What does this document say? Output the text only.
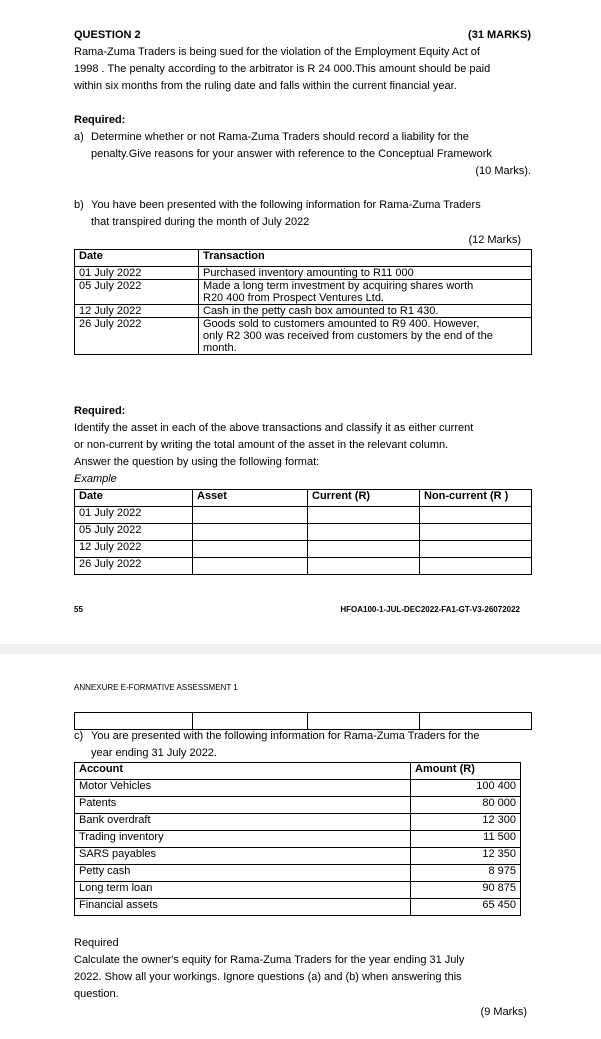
QUESTION 2	(31 MARKS)
Rama-Zuma Traders is being sued for the violation of the Employment Equity Act of
1998 . The penalty according to the arbitrator is R 24 000.This amount should be paid
within six months from the ruling date and falls within the current financial year.
Required:
a) Determine whether or not Rama-Zuma Traders should record a liability for the
penalty.Give reasons for your answer with reference to the Conceptual Framework
(10 Marks).
b) You have been presented with the following information for Rama-Zuma Traders
that transpired during the month of July 2022
(12 Marks)
Date	Transaction
01 July 2022	Purchased inventory amounting to R11 000

05 July 2022	Made a long term investment by acquiring shares worth
R20 400 from Prospect Ventures Ltd.

12 July 2022	Cash in the petty cash box amounted to R1 430.

26 July 2022	Goods sold to customers amounted to R9 400. However,
only R2 300 was received from customers by the end of the
month.
Required:
Identify the asset in each of the above transactions and classify it as either current
or non-current by writing the total amount of the asset in the relevant column.
Answer the question by using the following format:
Example
Date	Asset	Current (R)	Non-current (R )
01 July 2022			
05 July 2022			
12 July 2022			
26 July 2022			
55	HFOA100-1-JUL-DEC2022-FA1-GT-V3-26072022
ANNEXURE E-FORMATIVE ASSESSMENT 1

c) You are presented with the following information for Rama-Zuma Traders for the
year ending 31 July 2022.
Account	Amount (R)
Motor Vehicles	100 400
Patents	80 000
Bank overdraft	12 300
Trading inventory	11 500
SARS payables	12 350
Petty cash	8 975
Long term loan	90 875
Financial assets	65 450
Required
Calculate the owner's equity for Rama-Zuma Traders for the year ending 31 July
2022. Show all your workings. Ignore questions (a) and (b) when answering this
question.
(9 Marks)
